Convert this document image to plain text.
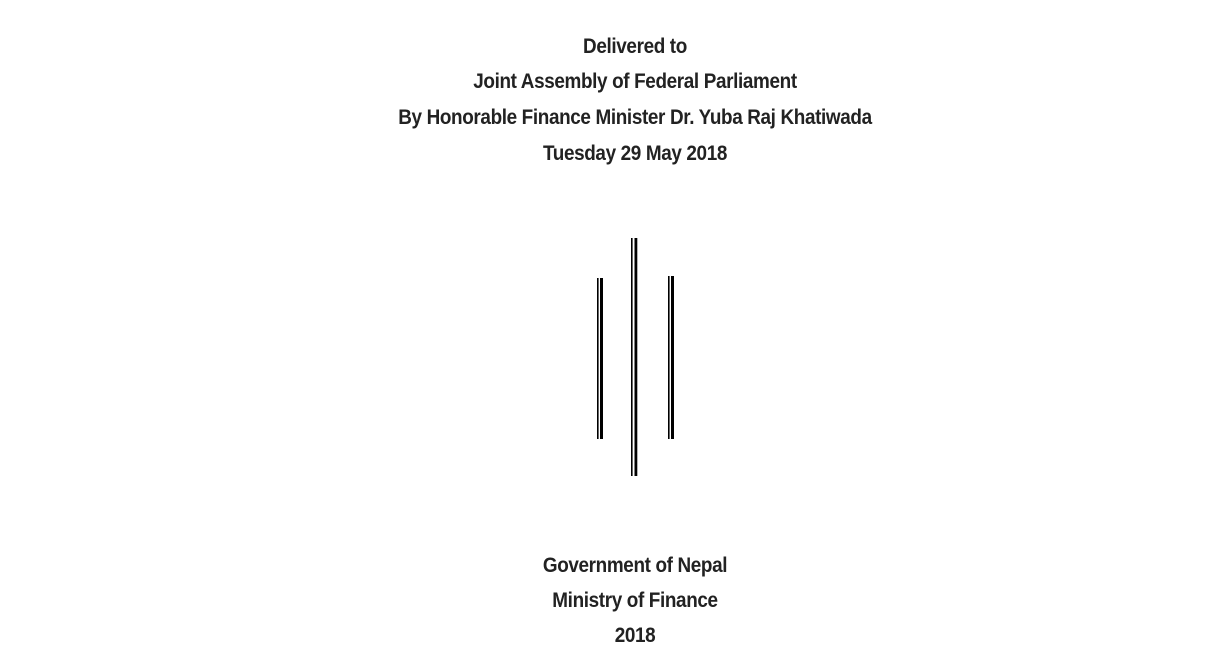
Delivered to
Joint Assembly of Federal Parliament
By Honorable Finance Minister Dr. Yuba Raj Khatiwada
Tuesday 29 May 2018
Government of Nepal
Ministry of Finance
2018
